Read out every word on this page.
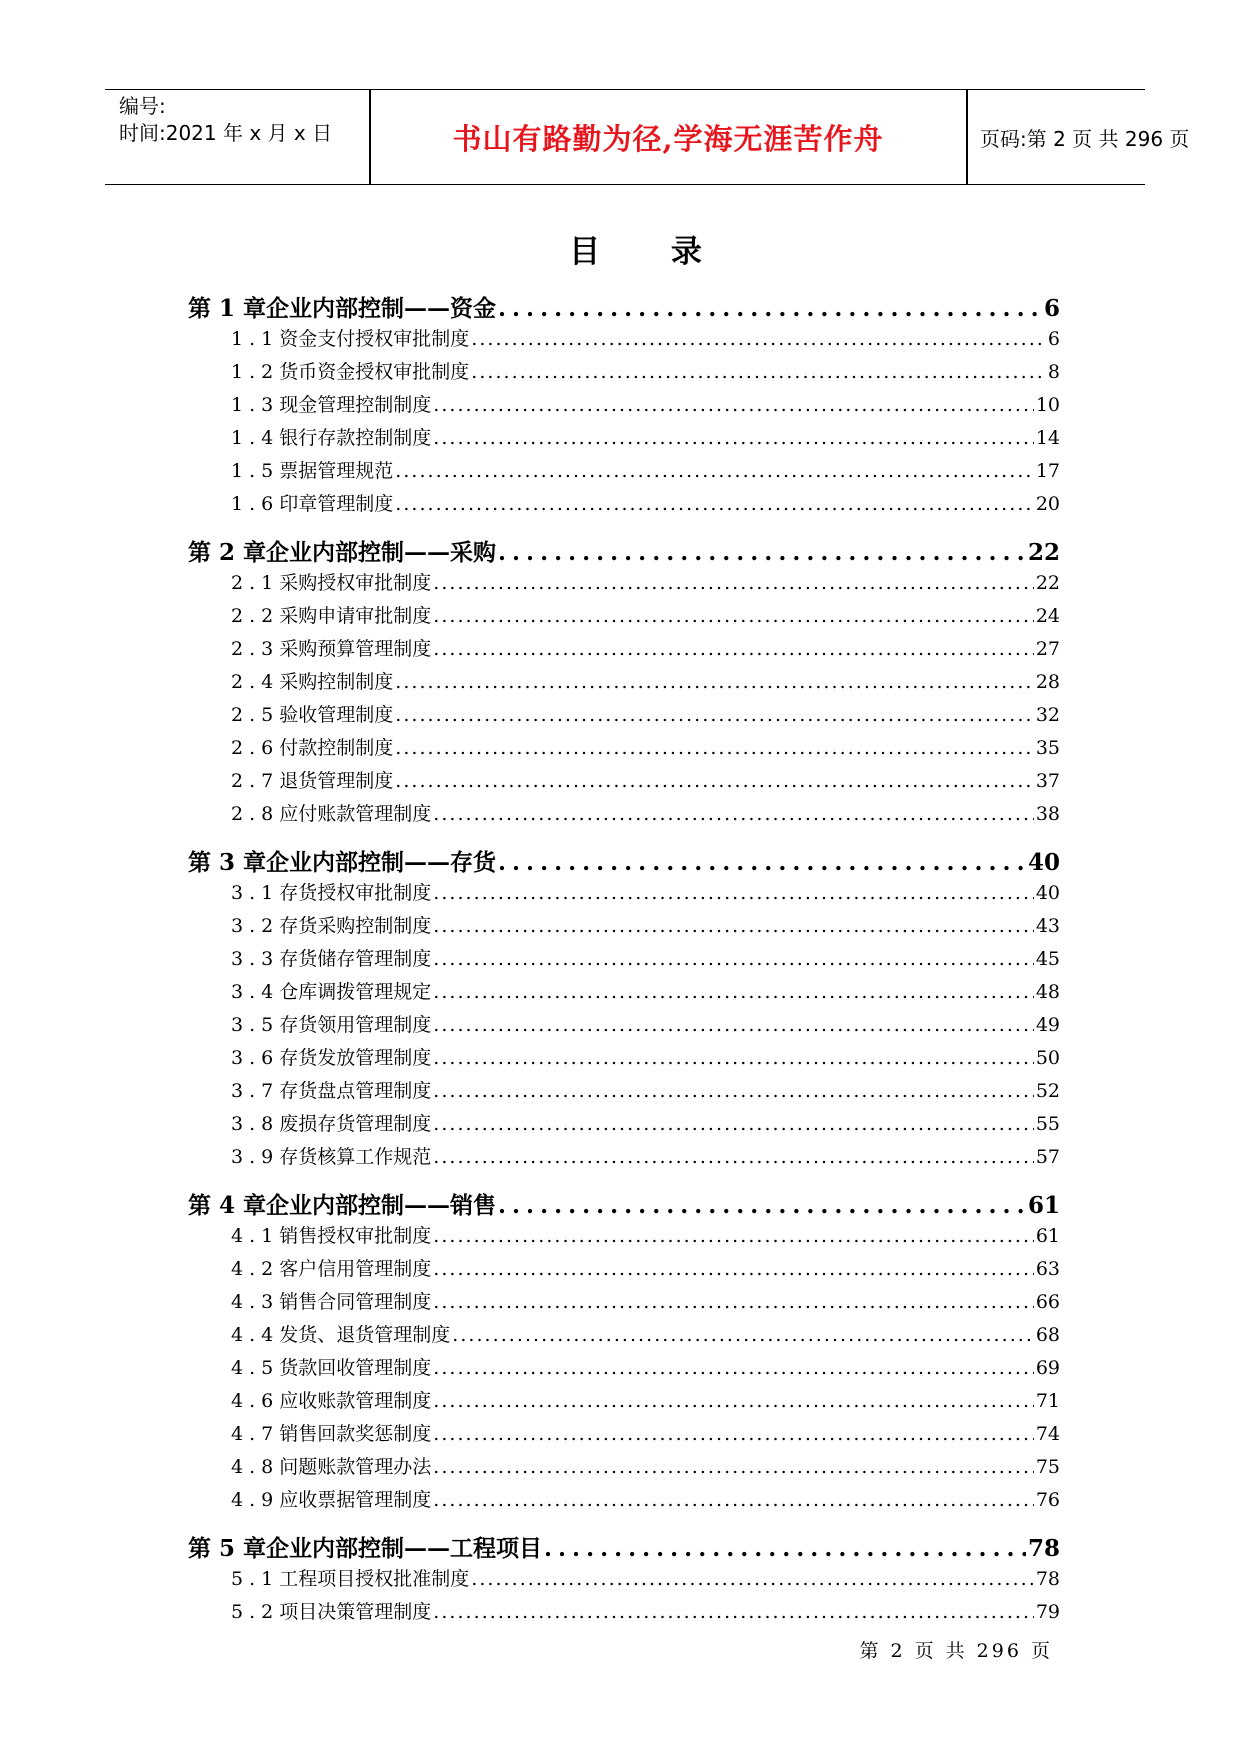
编号:
时间:2021 年 x 月 x 日	书山有路勤为径,学海无涯苦作舟	页码:第 2 页 共 296 页
目 录
第 1 章 企业内部控制——资金 . . .	6
1.1 资金支付授权审批制度 . . .	6
1.2 货币资金授权审批制度 . . .	8
1.3 现金管理控制制度 . . .	10
1.4 银行存款控制制度 . . .	14
1.5 票据管理规范 . . .	17
1.6 印章管理制度 . . .	20
第 2 章 企业内部控制——采购 . . .	22
2.1 采购授权审批制度 . . .	22
2.2 采购申请审批制度 . . .	24
2.3 采购预算管理制度 . . .	27
2.4 采购控制制度 . . .	28
2.5 验收管理制度 . . .	32
2.6 付款控制制度 . . .	35
2.7 退货管理制度 . . .	37
2.8 应付账款管理制度 . . .	38
第 3 章 企业内部控制——存货 . . .	40
3.1 存货授权审批制度 . . .	40
3.2 存货采购控制制度 . . .	43
3.3 存货储存管理制度 . . .	45
3.4 仓库调拨管理规定 . . .	48
3.5 存货领用管理制度 . . .	49
3.6 存货发放管理制度 . . .	50
3.7 存货盘点管理制度 . . .	52
3.8 废损存货管理制度 . . .	55
3.9 存货核算工作规范 . . .	57
第 4 章 企业内部控制——销售 . . .	61
4.1 销售授权审批制度 . . .	61
4.2 客户信用管理制度 . . .	63
4.3 销售合同管理制度 . . .	66
4.4 发货、退货管理制度 . . .	68
4.5 货款回收管理制度 . . .	69
4.6 应收账款管理制度 . . .	71
4.7 销售回款奖惩制度 . . .	74
4.8 问题账款管理办法 . . .	75
4.9 应收票据管理制度 . . .	76
第 5 章 企业内部控制——工程项目 . . .	78
5.1 工程项目授权批准制度 . . .	78
5.2 项目决策管理制度 . . .	79
第 2 页 共 296 页
